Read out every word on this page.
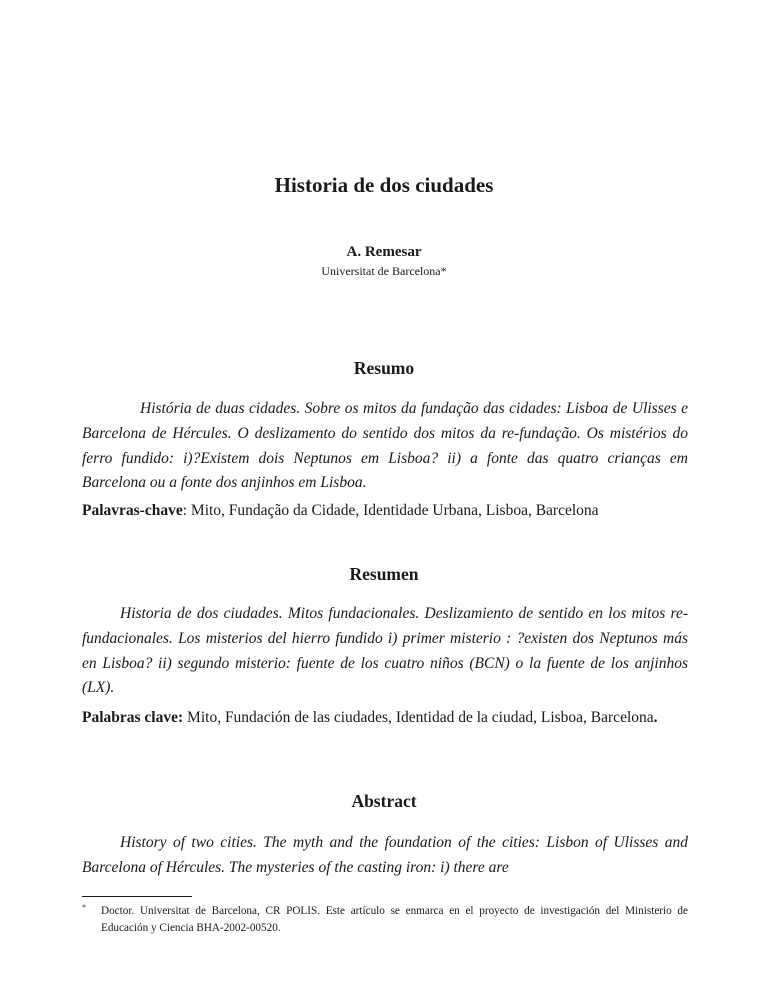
Historia de dos ciudades
A. Remesar
Universitat de Barcelona*
Resumo

História de duas cidades. Sobre os mitos da fundação das cidades: Lisboa de Ulisses e Barcelona de Hércules. O deslizamento do sentido dos mitos da re-fundação. Os mistérios do ferro fundido: i)?Existem dois Neptunos em Lisboa? ii) a fonte das quatro crianças em Barcelona ou a fonte dos anjinhos em Lisboa.

Palavras-chave: Mito, Fundação da Cidade, Identidade Urbana, Lisboa, Barcelona

Resumen

Historia de dos ciudades. Mitos fundacionales. Deslizamiento de sentido en los mitos re-fundacionales. Los misterios del hierro fundido i) primer misterio : ?existen dos Neptunos más en Lisboa? ii) segundo misterio: fuente de los cuatro niños (BCN) o la fuente de los anjinhos (LX).

Palabras clave: Mito, Fundación de las ciudades, Identidad de la ciudad, Lisboa, Barcelona.

Abstract

History of two cities. The myth and the foundation of the cities: Lisbon of Ulisses and Barcelona of Hércules. The mysteries of the casting iron: i) there are

*	Doctor. Universitat de Barcelona, CR POLIS. Este artículo se enmarca en el proyecto de investigación del Ministerio de Educación y Ciencia BHA-2002-00520.
